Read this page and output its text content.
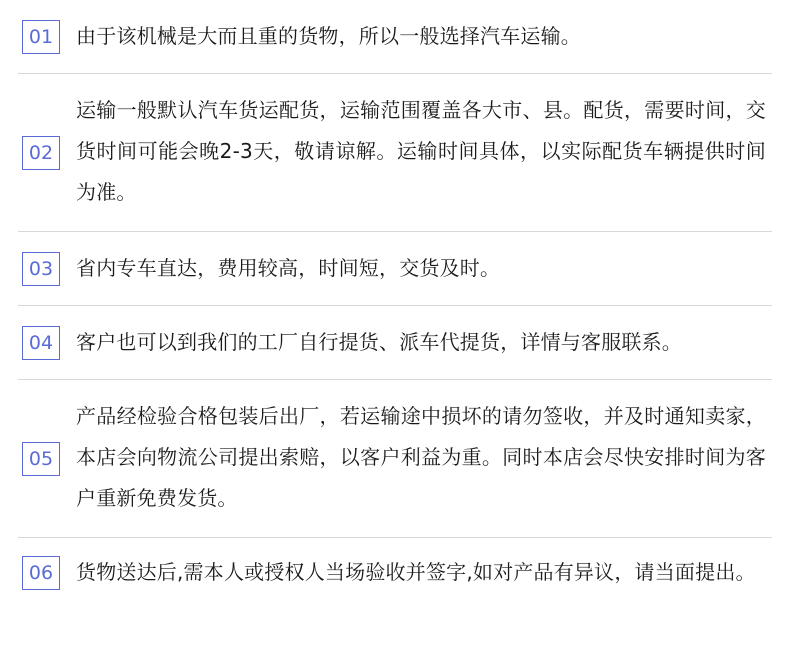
01	由于该机械是大而且重的货物，所以一般选择汽车运输。
02
运输一般默认汽车货运配货，运输范围覆盖各大市、县。配货，需要时间，交货时间可能会晚2-3天，敬请谅解。运输时间具体，以实际配货车辆提供时间为准。
03	省内专车直达，费用较高，时间短，交货及时。
04	客户也可以到我们的工厂自行提货、派车代提货，详情与客服联系。
05
产品经检验合格包装后出厂，若运输途中损坏的请勿签收，并及时通知卖家，本店会向物流公司提出索赔，以客户利益为重。同时本店会尽快安排时间为客户重新免费发货。
06	货物送达后,需本人或授权人当场验收并签字,如对产品有异议，请当面提出。
